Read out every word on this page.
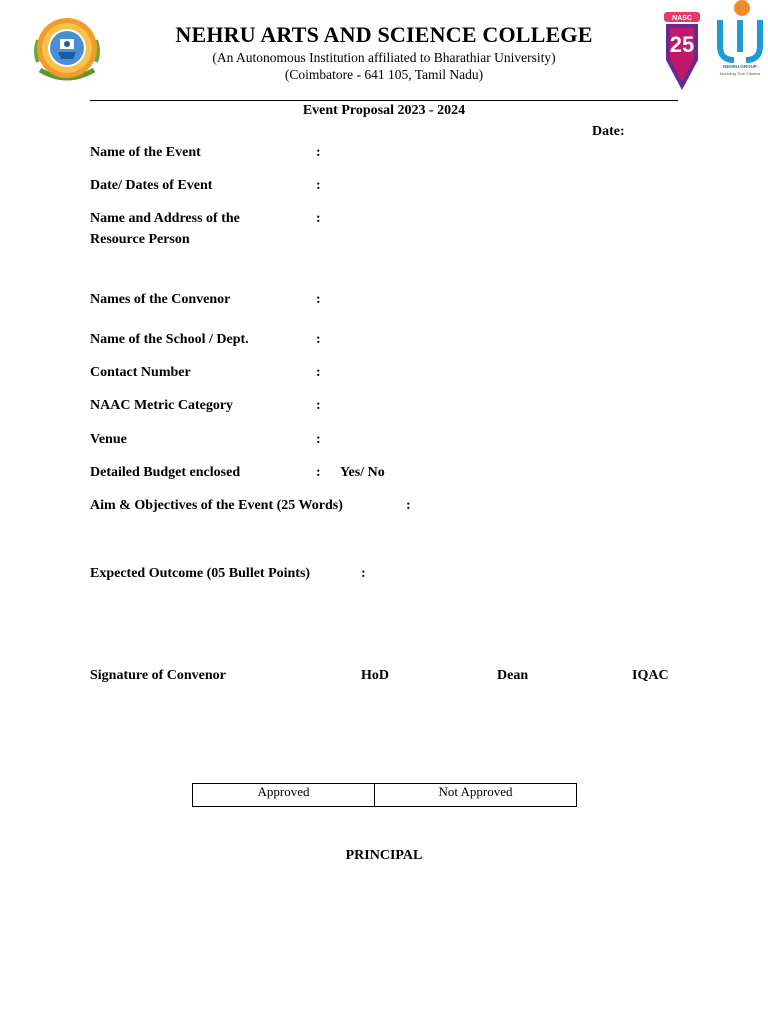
NASC
25
NEHRU GROUP
Moulding True Citizens
NEHRU ARTS AND SCIENCE COLLEGE
(An Autonomous Institution affiliated to Bharathiar University)
(Coimbatore - 641 105, Tamil Nadu)
Event Proposal 2023 - 2024
Date:
Name of the Event	:
Date/ Dates of Event	:
Name and Address of the
Resource Person
:
Names of the Convenor	:
Name of the School / Dept.	:
Contact Number	:
NAAC Metric Category	:
Venue	:
Detailed Budget enclosed	: Yes/ No
Aim & Objectives of the Event (25 Words)	:
Expected Outcome (05 Bullet Points)	:
Signature of Convenor	HoD	Dean	IQAC
Approved	Not Approved
PRINCIPAL
